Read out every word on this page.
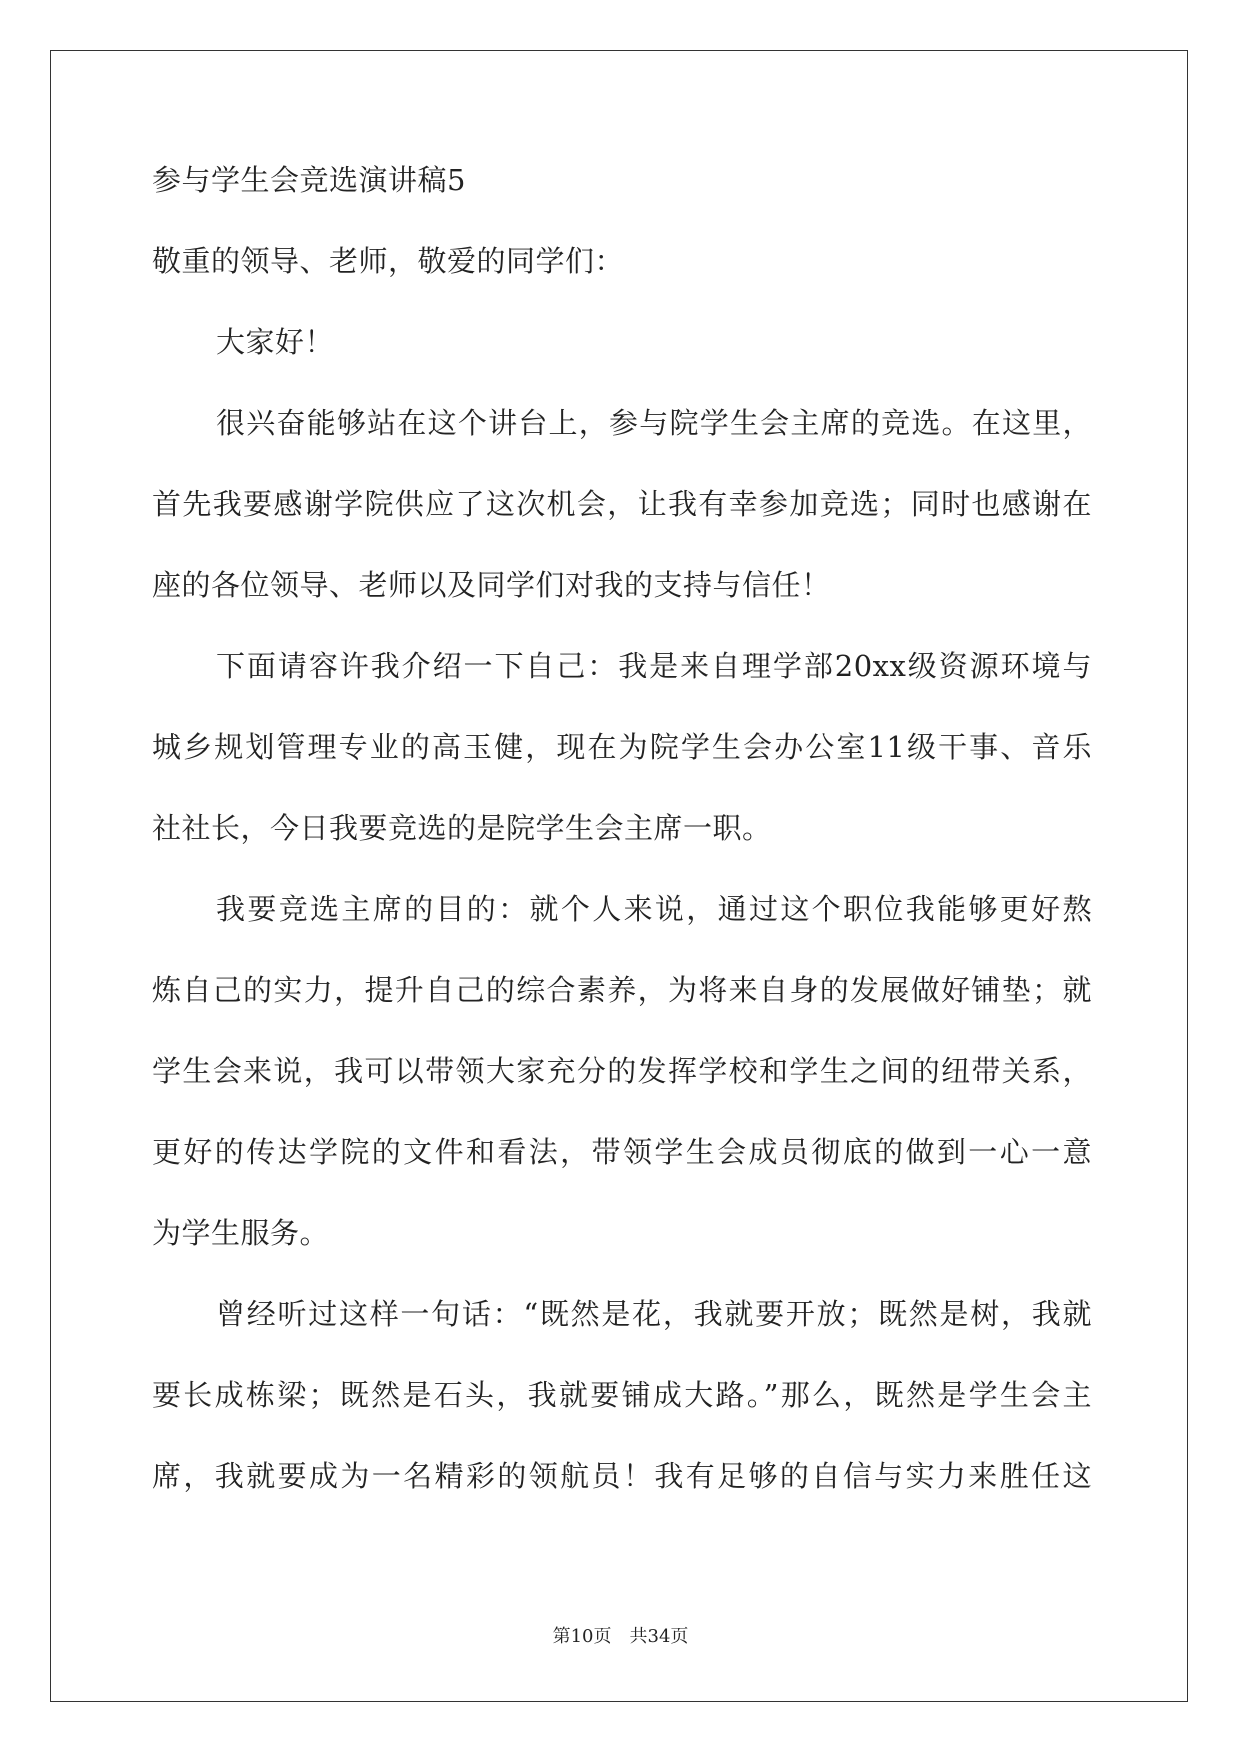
参与学生会竞选演讲稿5
敬重的领导、老师，敬爱的同学们：
大家好！
很兴奋能够站在这个讲台上，参与院学生会主席的竞选。在这里，
首先我要感谢学院供应了这次机会，让我有幸参加竞选；同时也感谢在
座的各位领导、老师以及同学们对我的支持与信任！
下面请容许我介绍一下自己：我是来自理学部20xx级资源环境与
城乡规划管理专业的高玉健，现在为院学生会办公室11级干事、音乐
社社长，今日我要竞选的是院学生会主席一职。
我要竞选主席的目的：就个人来说，通过这个职位我能够更好熬
炼自己的实力，提升自己的综合素养，为将来自身的发展做好铺垫；就
学生会来说，我可以带领大家充分的发挥学校和学生之间的纽带关系，
更好的传达学院的文件和看法，带领学生会成员彻底的做到一心一意
为学生服务。
曾经听过这样一句话：“既然是花，我就要开放；既然是树，我就
要长成栋梁；既然是石头，我就要铺成大路。”那么，既然是学生会主
席，我就要成为一名精彩的领航员！我有足够的自信与实力来胜任这
第10页　共34页
